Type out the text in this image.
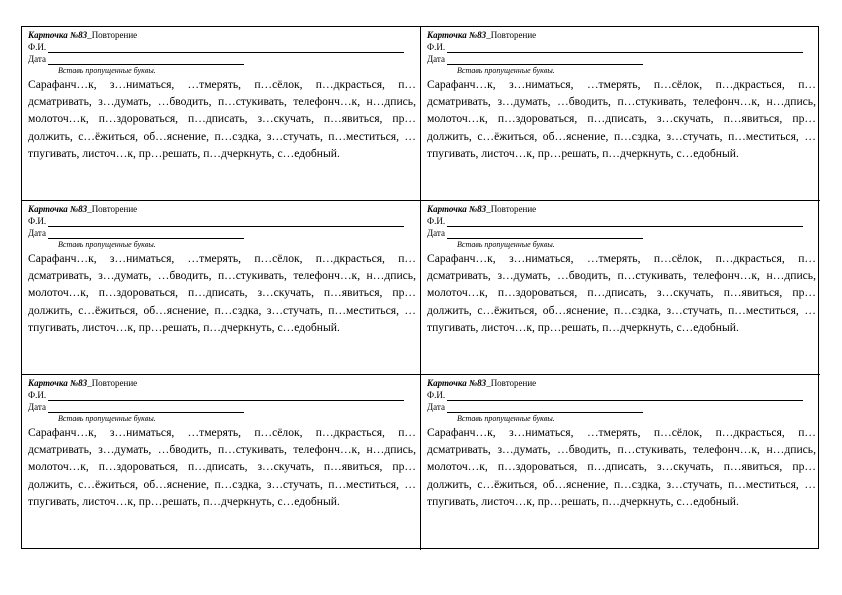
Карточка №83_Повторение
Ф.И.
Дата
Вставь пропущенные буквы.

Сарафанч…к, з…ниматься, …тмерять, п…сёлок, п…дкрасться, п…дсматривать, з…думать, …бводить, п…стукивать, телефонч…к, н…дпись, молоточ…к, п…здороваться, п…дписать, з…скучать, п…явиться, пр…должить, с…ёжиться, об…яснение, п…сздка, з…стучать, п…меститься, …тпугивать, листоч…к, пр…решать, п…дчеркнуть, с…едобный.

Карточка №83_Повторение
Ф.И.
Дата
Вставь пропущенные буквы.

Сарафанч…к, з…ниматься, …тмерять, п…сёлок, п…дкрасться, п…дсматривать, з…думать, …бводить, п…стукивать, телефонч…к, н…дпись, молоточ…к, п…здороваться, п…дписать, з…скучать, п…явиться, пр…должить, с…ёжиться, об…яснение, п…сздка, з…стучать, п…меститься, …тпугивать, листоч…к, пр…решать, п…дчеркнуть, с…едобный.

Карточка №83_Повторение
Ф.И.
Дата
Вставь пропущенные буквы.

Сарафанч…к, з…ниматься, …тмерять, п…сёлок, п…дкрасться, п…дсматривать, з…думать, …бводить, п…стукивать, телефонч…к, н…дпись, молоточ…к, п…здороваться, п…дписать, з…скучать, п…явиться, пр…должить, с…ёжиться, об…яснение, п…сздка, з…стучать, п…меститься, …тпугивать, листоч…к, пр…решать, п…дчеркнуть, с…едобный.

Карточка №83_Повторение
Ф.И.
Дата
Вставь пропущенные буквы.

Сарафанч…к, з…ниматься, …тмерять, п…сёлок, п…дкрасться, п…дсматривать, з…думать, …бводить, п…стукивать, телефонч…к, н…дпись, молоточ…к, п…здороваться, п…дписать, з…скучать, п…явиться, пр…должить, с…ёжиться, об…яснение, п…сздка, з…стучать, п…меститься, …тпугивать, листоч…к, пр…решать, п…дчеркнуть, с…едобный.

Карточка №83_Повторение
Ф.И.
Дата
Вставь пропущенные буквы.

Сарафанч…к, з…ниматься, …тмерять, п…сёлок, п…дкрасться, п…дсматривать, з…думать, …бводить, п…стукивать, телефонч…к, н…дпись, молоточ…к, п…здороваться, п…дписать, з…скучать, п…явиться, пр…должить, с…ёжиться, об…яснение, п…сздка, з…стучать, п…меститься, …тпугивать, листоч…к, пр…решать, п…дчеркнуть, с…едобный.

Карточка №83_Повторение
Ф.И.
Дата
Вставь пропущенные буквы.

Сарафанч…к, з…ниматься, …тмерять, п…сёлок, п…дкрасться, п…дсматривать, з…думать, …бводить, п…стукивать, телефонч…к, н…дпись, молоточ…к, п…здороваться, п…дписать, з…скучать, п…явиться, пр…должить, с…ёжиться, об…яснение, п…сздка, з…стучать, п…меститься, …тпугивать, листоч…к, пр…решать, п…дчеркнуть, с…едобный.
